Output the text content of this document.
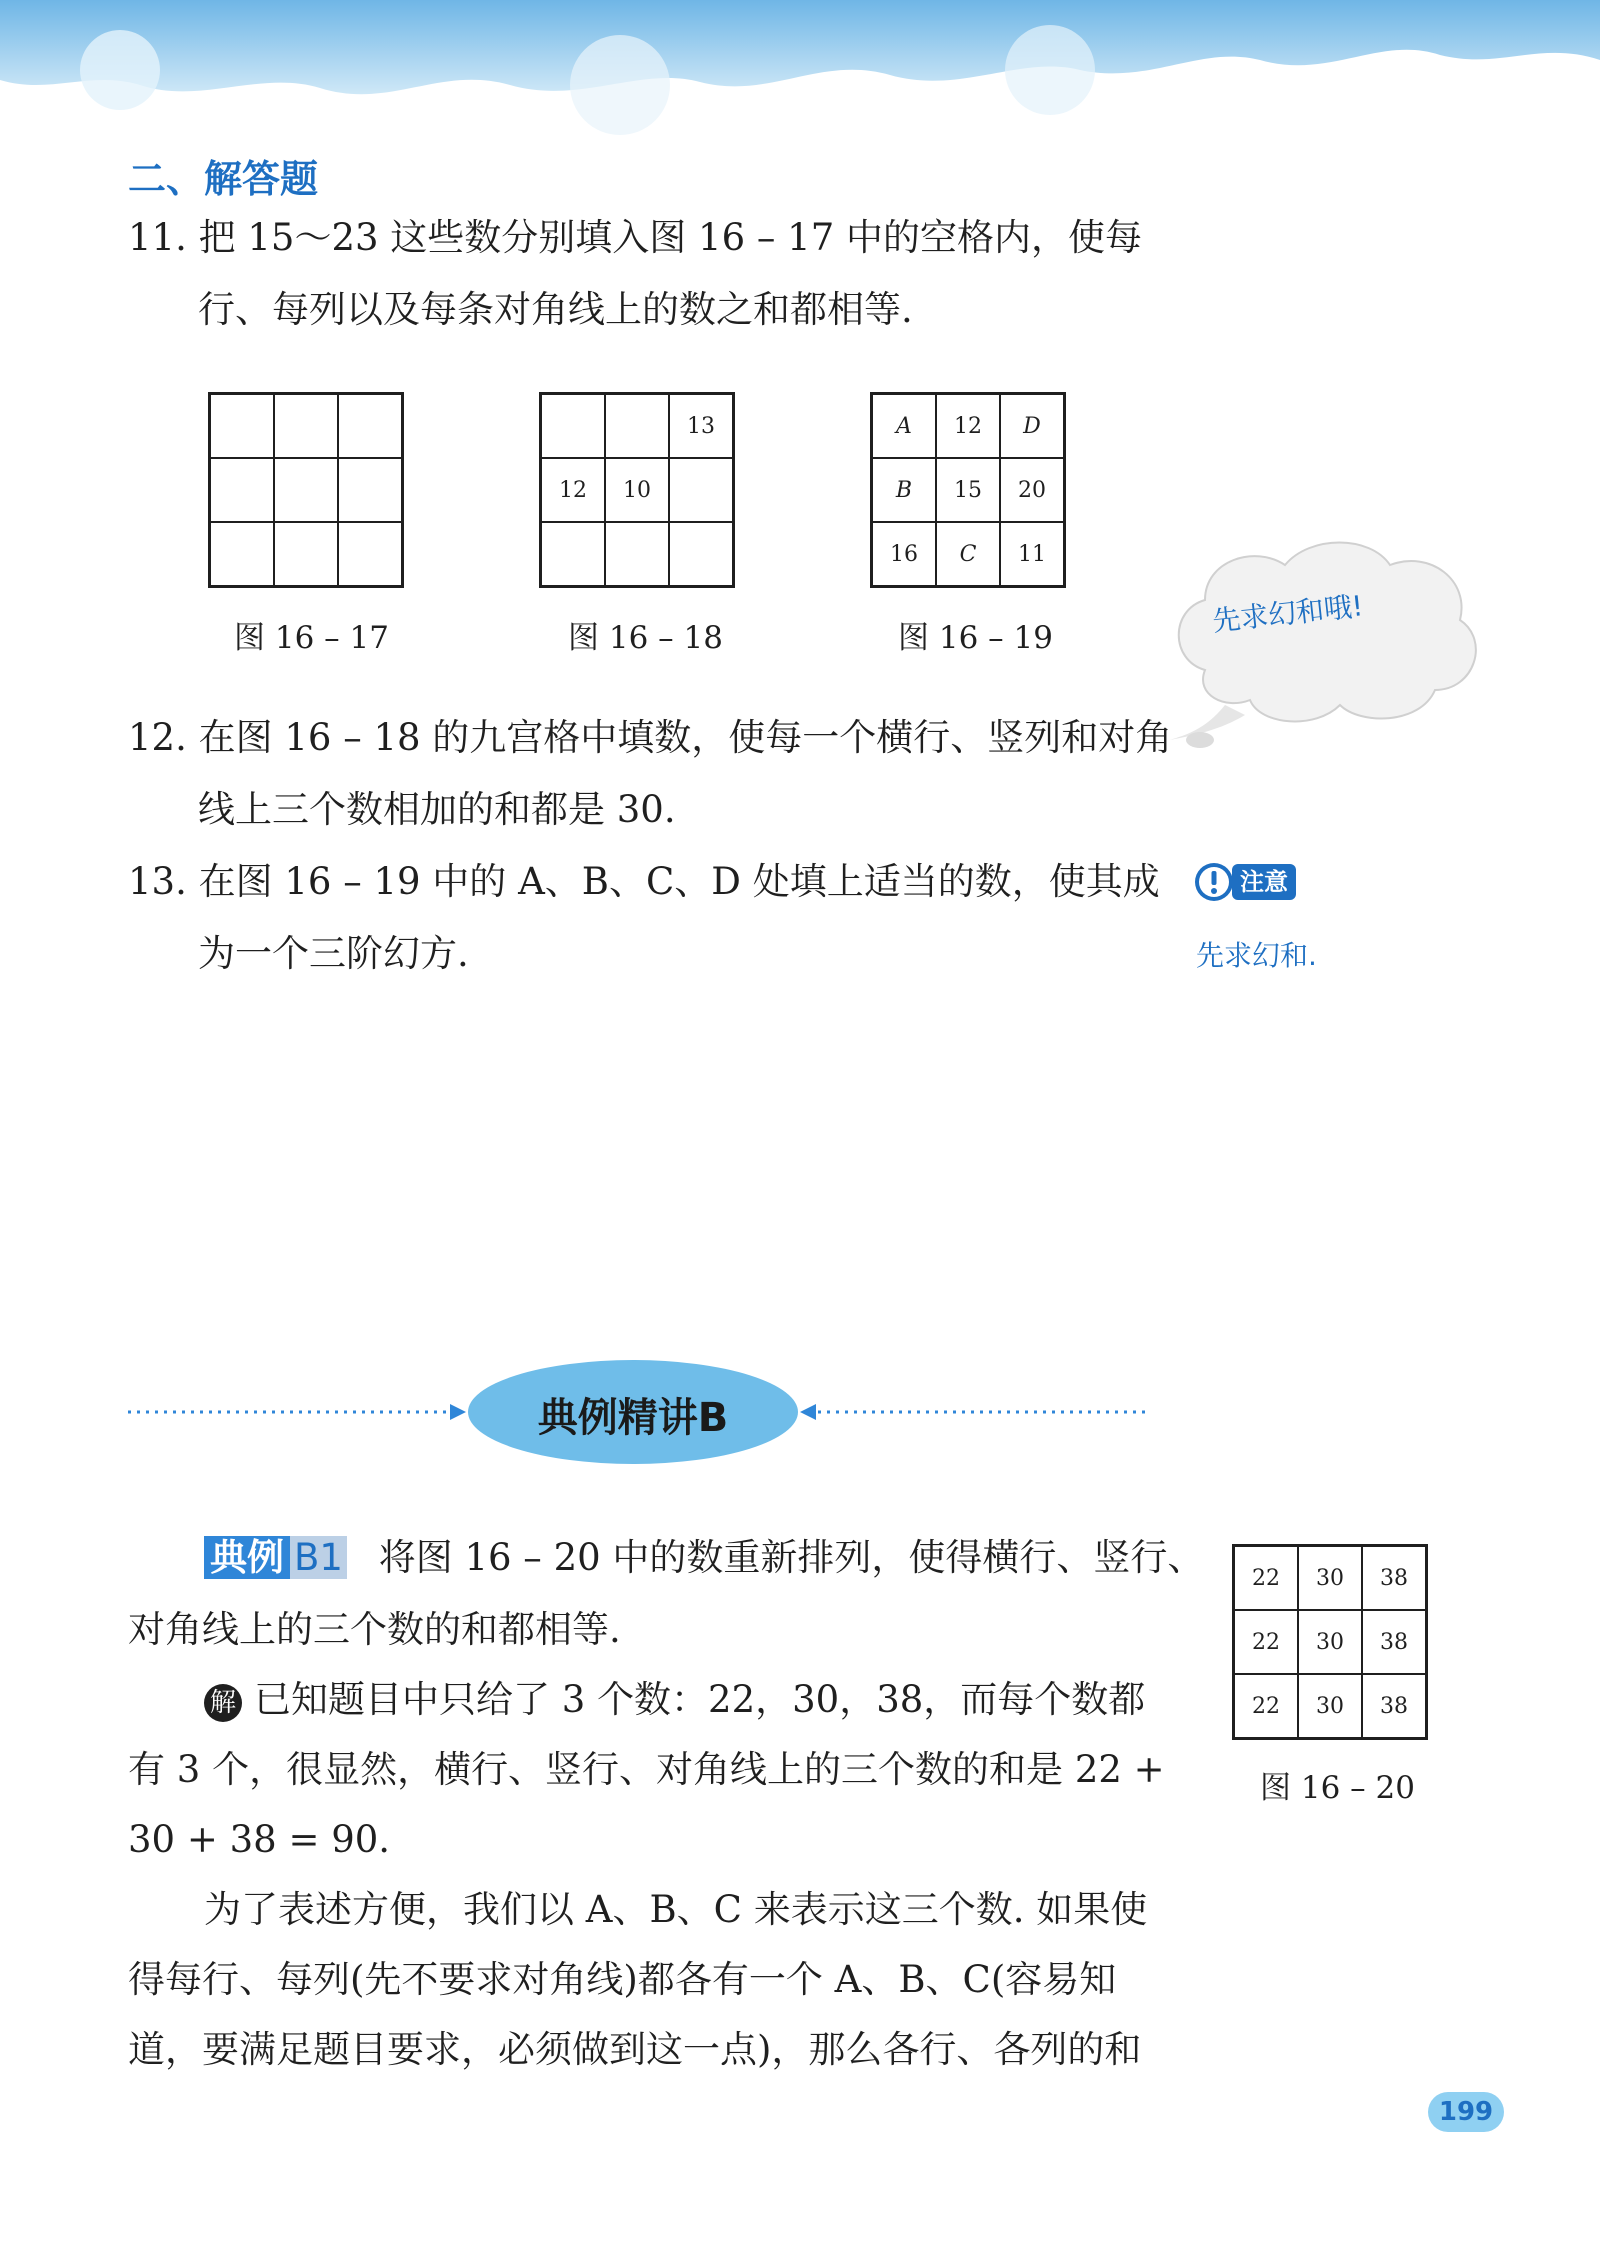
二、解答题
11. 把 15～23 这些数分别填入图 16 – 17 中的空格内，使每
行、每列以及每条对角线上的数之和都相等.

图 16 – 17
		13
12	10	

图 16 – 18
A	12	D
B	15	20
16	C	11
图 16 – 19
先求幻和哦!
12. 在图 16 – 18 的九宫格中填数，使每一个横行、竖列和对角
线上三个数相加的和都是 30.
13. 在图 16 – 19 中的 A、B、C、D 处填上适当的数，使其成
为一个三阶幻方.
注意
先求幻和.
典例精讲B
典例 B1 将图 16 – 20 中的数重新排列，使得横行、竖行、
对角线上的三个数的和都相等.
解 已知题目中只给了 3 个数：22，30，38，而每个数都
有 3 个，很显然，横行、竖行、对角线上的三个数的和是 22 +
30 + 38 = 90.
为了表述方便，我们以 A、B、C 来表示这三个数. 如果使
得每行、每列(先不要求对角线)都各有一个 A、B、C(容易知
道，要满足题目要求，必须做到这一点)，那么各行、各列的和
22	30	38
22	30	38
22	30	38
图 16 – 20
199
